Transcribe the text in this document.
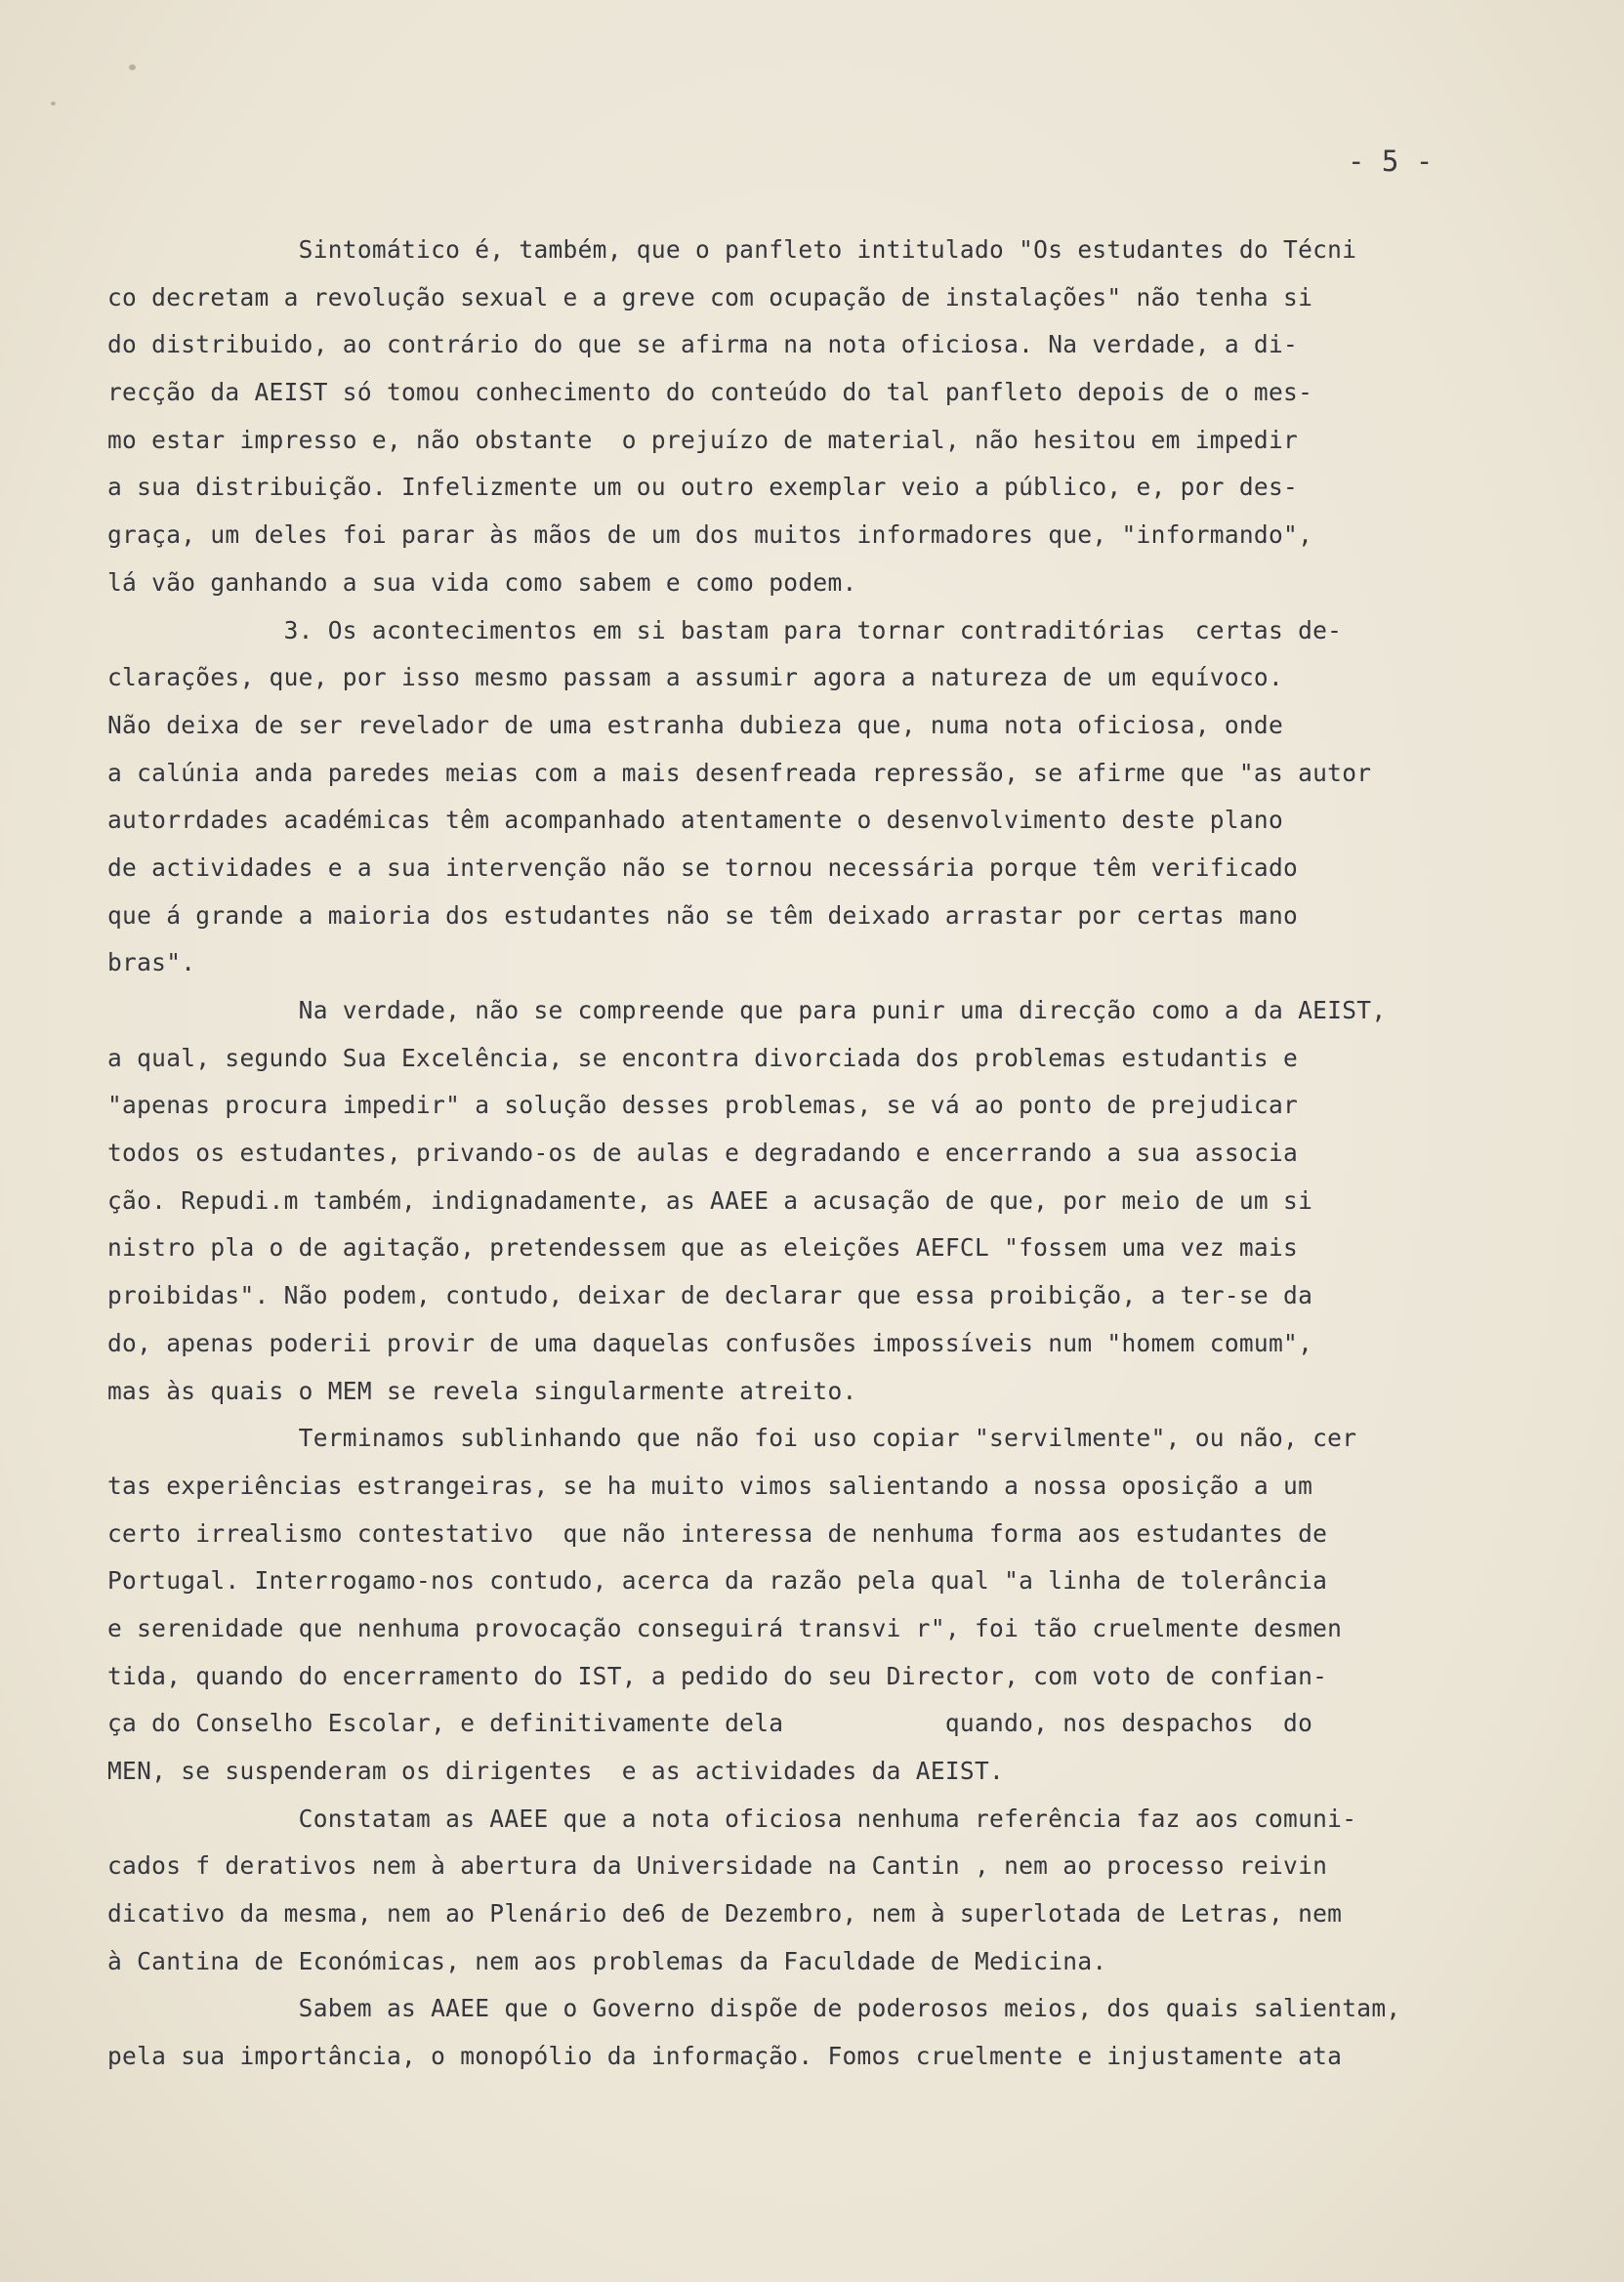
- 5 -
Sintomático é, também, que o panfleto intitulado "Os estudantes do Técni
co decretam a revolução sexual e a greve com ocupação de instalações" não tenha si
do distribuido, ao contrário do que se afirma na nota oficiosa. Na verdade, a di-
recção da AEIST só tomou conhecimento do conteúdo do tal panfleto depois de o mes-
mo estar impresso e, não obstante  o prejuízo de material, não hesitou em impedir
a sua distribuição. Infelizmente um ou outro exemplar veio a público, e, por des-
graça, um deles foi parar às mãos de um dos muitos informadores que, "informando",
lá vão ganhando a sua vida como sabem e como podem.
3. Os acontecimentos em si bastam para tornar contraditórias  certas de-
clarações, que, por isso mesmo passam a assumir agora a natureza de um equívoco.
Não deixa de ser revelador de uma estranha dubieza que, numa nota oficiosa, onde
a calúnia anda paredes meias com a mais desenfreada repressão, se afirme que "as autor
autorrdades académicas têm acompanhado atentamente o desenvolvimento deste plano
de actividades e a sua intervenção não se tornou necessária porque têm verificado
que á grande a maioria dos estudantes não se têm deixado arrastar por certas mano
bras".
Na verdade, não se compreende que para punir uma direcção como a da AEIST,
a qual, segundo Sua Excelência, se encontra divorciada dos problemas estudantis e
"apenas procura impedir" a solução desses problemas, se vá ao ponto de prejudicar
todos os estudantes, privando-os de aulas e degradando e encerrando a sua associa
ção. Repudi.m também, indignadamente, as AAEE a acusação de que, por meio de um si
nistro pla o de agitação, pretendessem que as eleições AEFCL "fossem uma vez mais
proibidas". Não podem, contudo, deixar de declarar que essa proibição, a ter-se da
do, apenas poderii provir de uma daquelas confusões impossíveis num "homem comum",
mas às quais o MEM se revela singularmente atreito.
Terminamos sublinhando que não foi uso copiar "servilmente", ou não, cer
tas experiências estrangeiras, se ha muito vimos salientando a nossa oposição a um
certo irrealismo contestativo  que não interessa de nenhuma forma aos estudantes de
Portugal. Interrogamo-nos contudo, acerca da razão pela qual "a linha de tolerância
e serenidade que nenhuma provocação conseguirá transvi r", foi tão cruelmente desmen
tida, quando do encerramento do IST, a pedido do seu Director, com voto de confian-
ça do Conselho Escolar, e definitivamente dela           quando, nos despachos  do
MEN, se suspenderam os dirigentes  e as actividades da AEIST.
Constatam as AAEE que a nota oficiosa nenhuma referência faz aos comuni-
cados f derativos nem à abertura da Universidade na Cantin , nem ao processo reivin
dicativo da mesma, nem ao Plenário de6 de Dezembro, nem à superlotada de Letras, nem
à Cantina de Económicas, nem aos problemas da Faculdade de Medicina.
Sabem as AAEE que o Governo dispõe de poderosos meios, dos quais salientam,
pela sua importância, o monopólio da informação. Fomos cruelmente e injustamente ata
